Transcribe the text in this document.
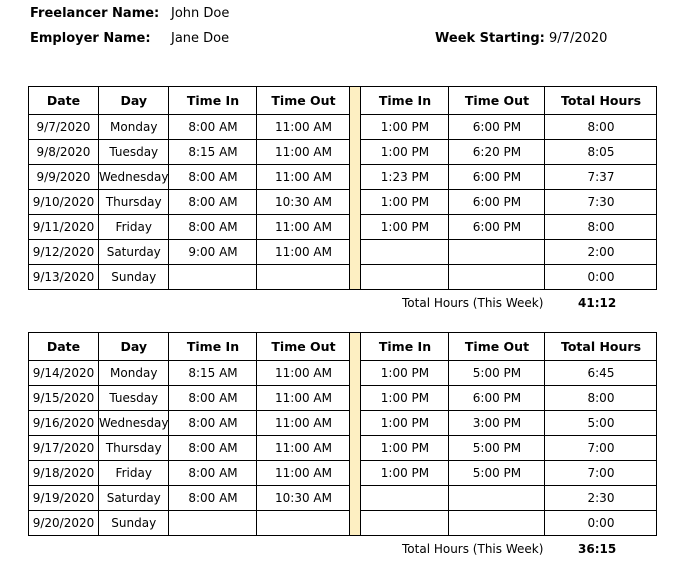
Freelancer Name: John Doe
Employer Name: Jane Doe	Week Starting: 9/7/2020
Date	Day	Time In	Time Out		Time In	Time Out	Total Hours
9/7/2020	Monday	8:00 AM	11:00 AM		1:00 PM	6:00 PM	8:00
9/8/2020	Tuesday	8:15 AM	11:00 AM		1:00 PM	6:20 PM	8:05
9/9/2020	Wednesday	8:00 AM	11:00 AM		1:23 PM	6:00 PM	7:37
9/10/2020	Thursday	8:00 AM	10:30 AM		1:00 PM	6:00 PM	7:30
9/11/2020	Friday	8:00 AM	11:00 AM		1:00 PM	6:00 PM	8:00
9/12/2020	Saturday	9:00 AM	11:00 AM				2:00
9/13/2020	Sunday						0:00
Total Hours (This Week)	41:12
Date	Day	Time In	Time Out		Time In	Time Out	Total Hours
9/14/2020	Monday	8:15 AM	11:00 AM		1:00 PM	5:00 PM	6:45
9/15/2020	Tuesday	8:00 AM	11:00 AM		1:00 PM	6:00 PM	8:00
9/16/2020	Wednesday	8:00 AM	11:00 AM		1:00 PM	3:00 PM	5:00
9/17/2020	Thursday	8:00 AM	11:00 AM		1:00 PM	5:00 PM	7:00
9/18/2020	Friday	8:00 AM	11:00 AM		1:00 PM	5:00 PM	7:00
9/19/2020	Saturday	8:00 AM	10:30 AM				2:30
9/20/2020	Sunday						0:00
Total Hours (This Week)	36:15
